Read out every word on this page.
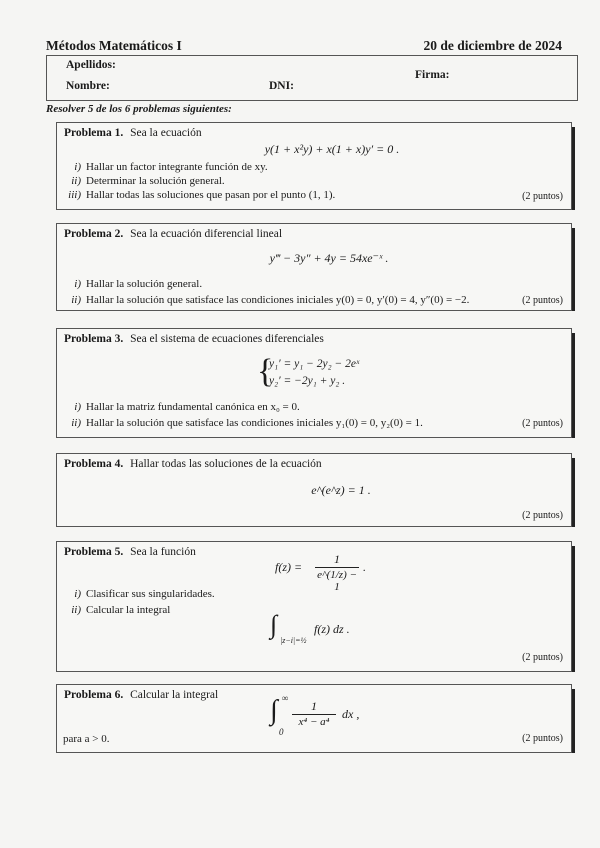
Métodos Matemáticos I	20 de diciembre de 2024
Apellidos:
Nombre:	DNI:
Firma:
Resolver 5 de los 6 problemas siguientes:
Problema 1. Sea la ecuación
y(1 + x²y) + x(1 + x)y′ = 0 .
i) Hallar un factor integrante función de xy.
ii) Determinar la solución general.
iii) Hallar todas las soluciones que pasan por el punto (1, 1).	(2 puntos)
Problema 2. Sea la ecuación diferencial lineal
y‴ − 3y″ + 4y = 54xe⁻ˣ .
i) Hallar la solución general.
ii) Hallar la solución que satisface las condiciones iniciales y(0) = 0, y′(0) = 4, y″(0) = −2.	(2 puntos)
Problema 3. Sea el sistema de ecuaciones diferenciales
{
y₁′ = y₁ − 2y₂ − 2eˣ
y₂′ = −2y₁ + y₂ .
i) Hallar la matriz fundamental canónica en x₀ = 0.
ii) Hallar la solución que satisface las condiciones iniciales y₁(0) = 0, y₂(0) = 1.	(2 puntos)
Problema 4. Hallar todas las soluciones de la ecuación
e^(e^z) = 1 .
(2 puntos)
Problema 5. Sea la función
f(z) =
1
e^(1/z) − 1
.
i) Clasificar sus singularidades.
ii) Calcular la integral	∫
|z−i|=½
f(z) dz .
(2 puntos)
Problema 6. Calcular la integral ∫ ∞
0
1
x⁴ − a⁴
dx ,
para a > 0.	(2 puntos)
